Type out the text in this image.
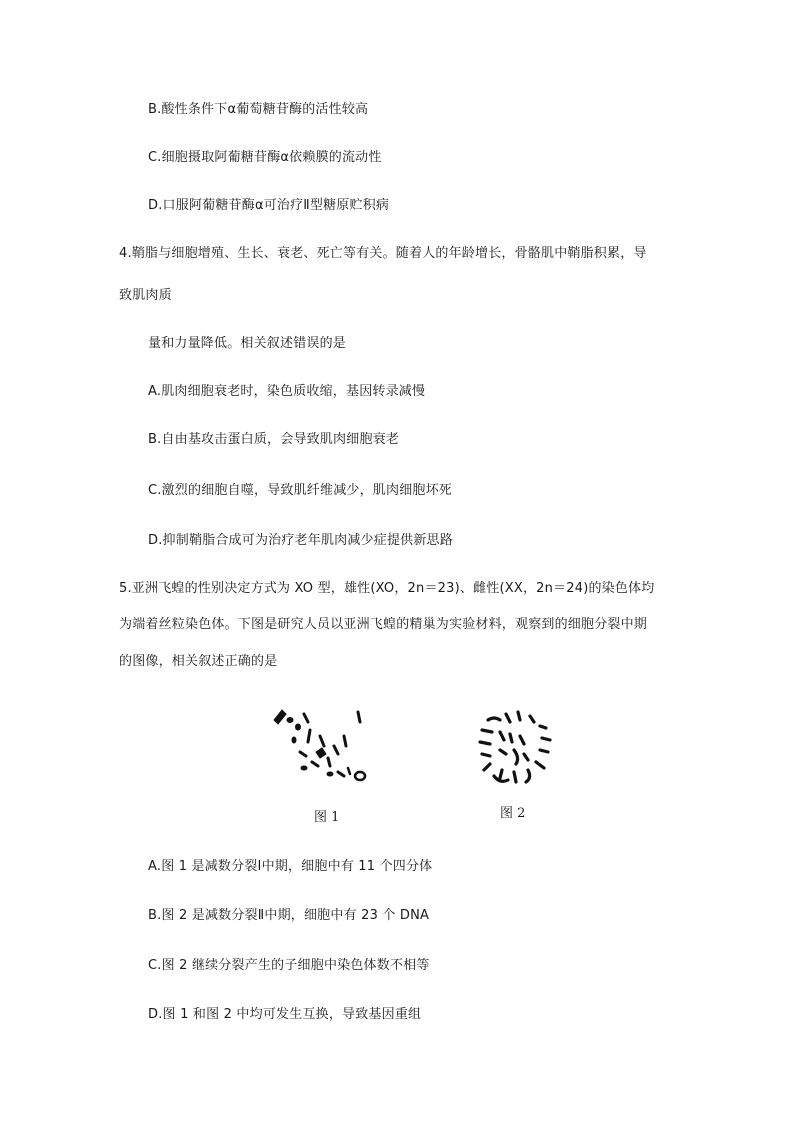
B.酸性条件下α葡萄糖苷酶的活性较高
C.细胞摄取阿葡糖苷酶α依赖膜的流动性
D.口服阿葡糖苷酶α可治疗Ⅱ型糖原贮积病
4.鞘脂与细胞增殖、生长、衰老、死亡等有关。随着人的年龄增长，骨骼肌中鞘脂积累，导
致肌肉质
量和力量降低。相关叙述错误的是
A.肌肉细胞衰老时，染色质收缩，基因转录减慢
B.自由基攻击蛋白质，会导致肌肉细胞衰老
C.激烈的细胞自噬，导致肌纤维减少，肌肉细胞坏死
D.抑制鞘脂合成可为治疗老年肌肉减少症提供新思路
5.亚洲飞蝗的性别决定方式为 XO 型，雄性(XO，2n＝23)、雌性(XX，2n＝24)的染色体均
为端着丝粒染色体。下图是研究人员以亚洲飞蝗的精巢为实验材料，观察到的细胞分裂中期
的图像，相关叙述正确的是
A.图 1 是减数分裂Ⅰ中期，细胞中有 11 个四分体
B.图 2 是减数分裂Ⅱ中期，细胞中有 23 个 DNA
C.图 2 继续分裂产生的子细胞中染色体数不相等
D.图 1 和图 2 中均可发生互换，导致基因重组
图 1	图 2
